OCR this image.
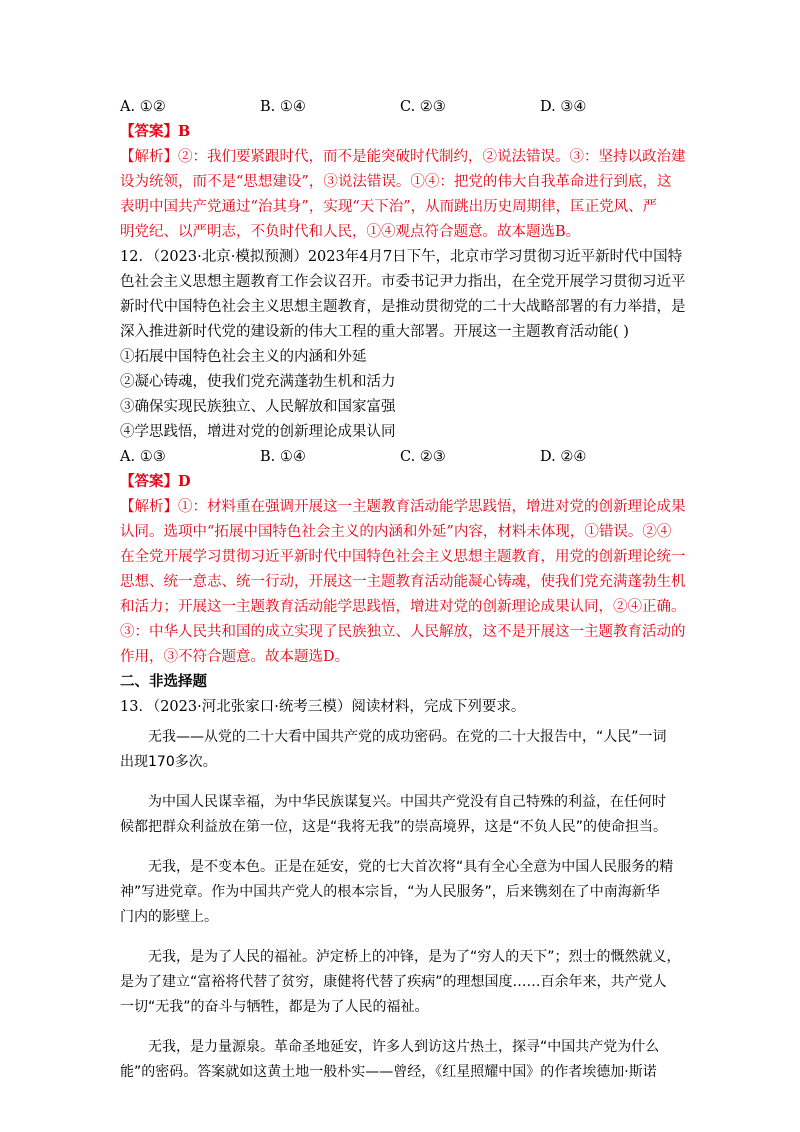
A. ①②	B. ①④	C. ②③	D. ③④
【答案】B
【解析】②：我们要紧跟时代，而不是能突破时代制约，②说法错误。③：坚持以政治建
设为统领，而不是“思想建设”，③说法错误。①④：把党的伟大自我革命进行到底，这
表明中国共产党通过“治其身”，实现“天下治”，从而跳出历史周期律，匡正党风、严
明党纪、以严明志，不负时代和人民，①④观点符合题意。故本题选B。
12．（2023·北京·模拟预测）2023年4月7日下午，北京市学习贯彻习近平新时代中国特
色社会主义思想主题教育工作会议召开。市委书记尹力指出，在全党开展学习贯彻习近平
新时代中国特色社会主义思想主题教育，是推动贯彻党的二十大战略部署的有力举措，是
深入推进新时代党的建设新的伟大工程的重大部署。开展这一主题教育活动能( )
①拓展中国特色社会主义的内涵和外延
②凝心铸魂，使我们党充满蓬勃生机和活力
③确保实现民族独立、人民解放和国家富强
④学思践悟，增进对党的创新理论成果认同
A. ①③	B. ①④	C. ②③	D. ②④
【答案】D
【解析】①：材料重在强调开展这一主题教育活动能学思践悟，增进对党的创新理论成果
认同。选项中“拓展中国特色社会主义的内涵和外延”内容，材料未体现，①错误。②④
在全党开展学习贯彻习近平新时代中国特色社会主义思想主题教育，用党的创新理论统一
思想、统一意志、统一行动，开展这一主题教育活动能凝心铸魂，使我们党充满蓬勃生机
和活力；开展这一主题教育活动能学思践悟，增进对党的创新理论成果认同，②④正确。
③：中华人民共和国的成立实现了民族独立、人民解放，这不是开展这一主题教育活动的
作用，③不符合题意。故本题选D。
二、非选择题
13．（2023·河北张家口·统考三模）阅读材料，完成下列要求。
　　无我——从党的二十大看中国共产党的成功密码。在党的二十大报告中，“人民”一词
出现170多次。
　　为中国人民谋幸福，为中华民族谋复兴。中国共产党没有自己特殊的利益，在任何时
候都把群众利益放在第一位，这是“我将无我”的崇高境界，这是“不负人民”的使命担当。
　　无我，是不变本色。正是在延安，党的七大首次将“具有全心全意为中国人民服务的精
神”写进党章。作为中国共产党人的根本宗旨，“为人民服务”，后来镌刻在了中南海新华
门内的影壁上。
　　无我，是为了人民的福祉。泸定桥上的冲锋，是为了“穷人的天下”；烈士的慨然就义，
是为了建立“富裕将代替了贫穷，康健将代替了疾病”的理想国度……百余年来，共产党人
一切“无我”的奋斗与牺牲，都是为了人民的福祉。
　　无我，是力量源泉。革命圣地延安，许多人到访这片热土，探寻“中国共产党为什么
能”的密码。答案就如这黄土地一般朴实——曾经，《红星照耀中国》的作者埃德加·斯诺
